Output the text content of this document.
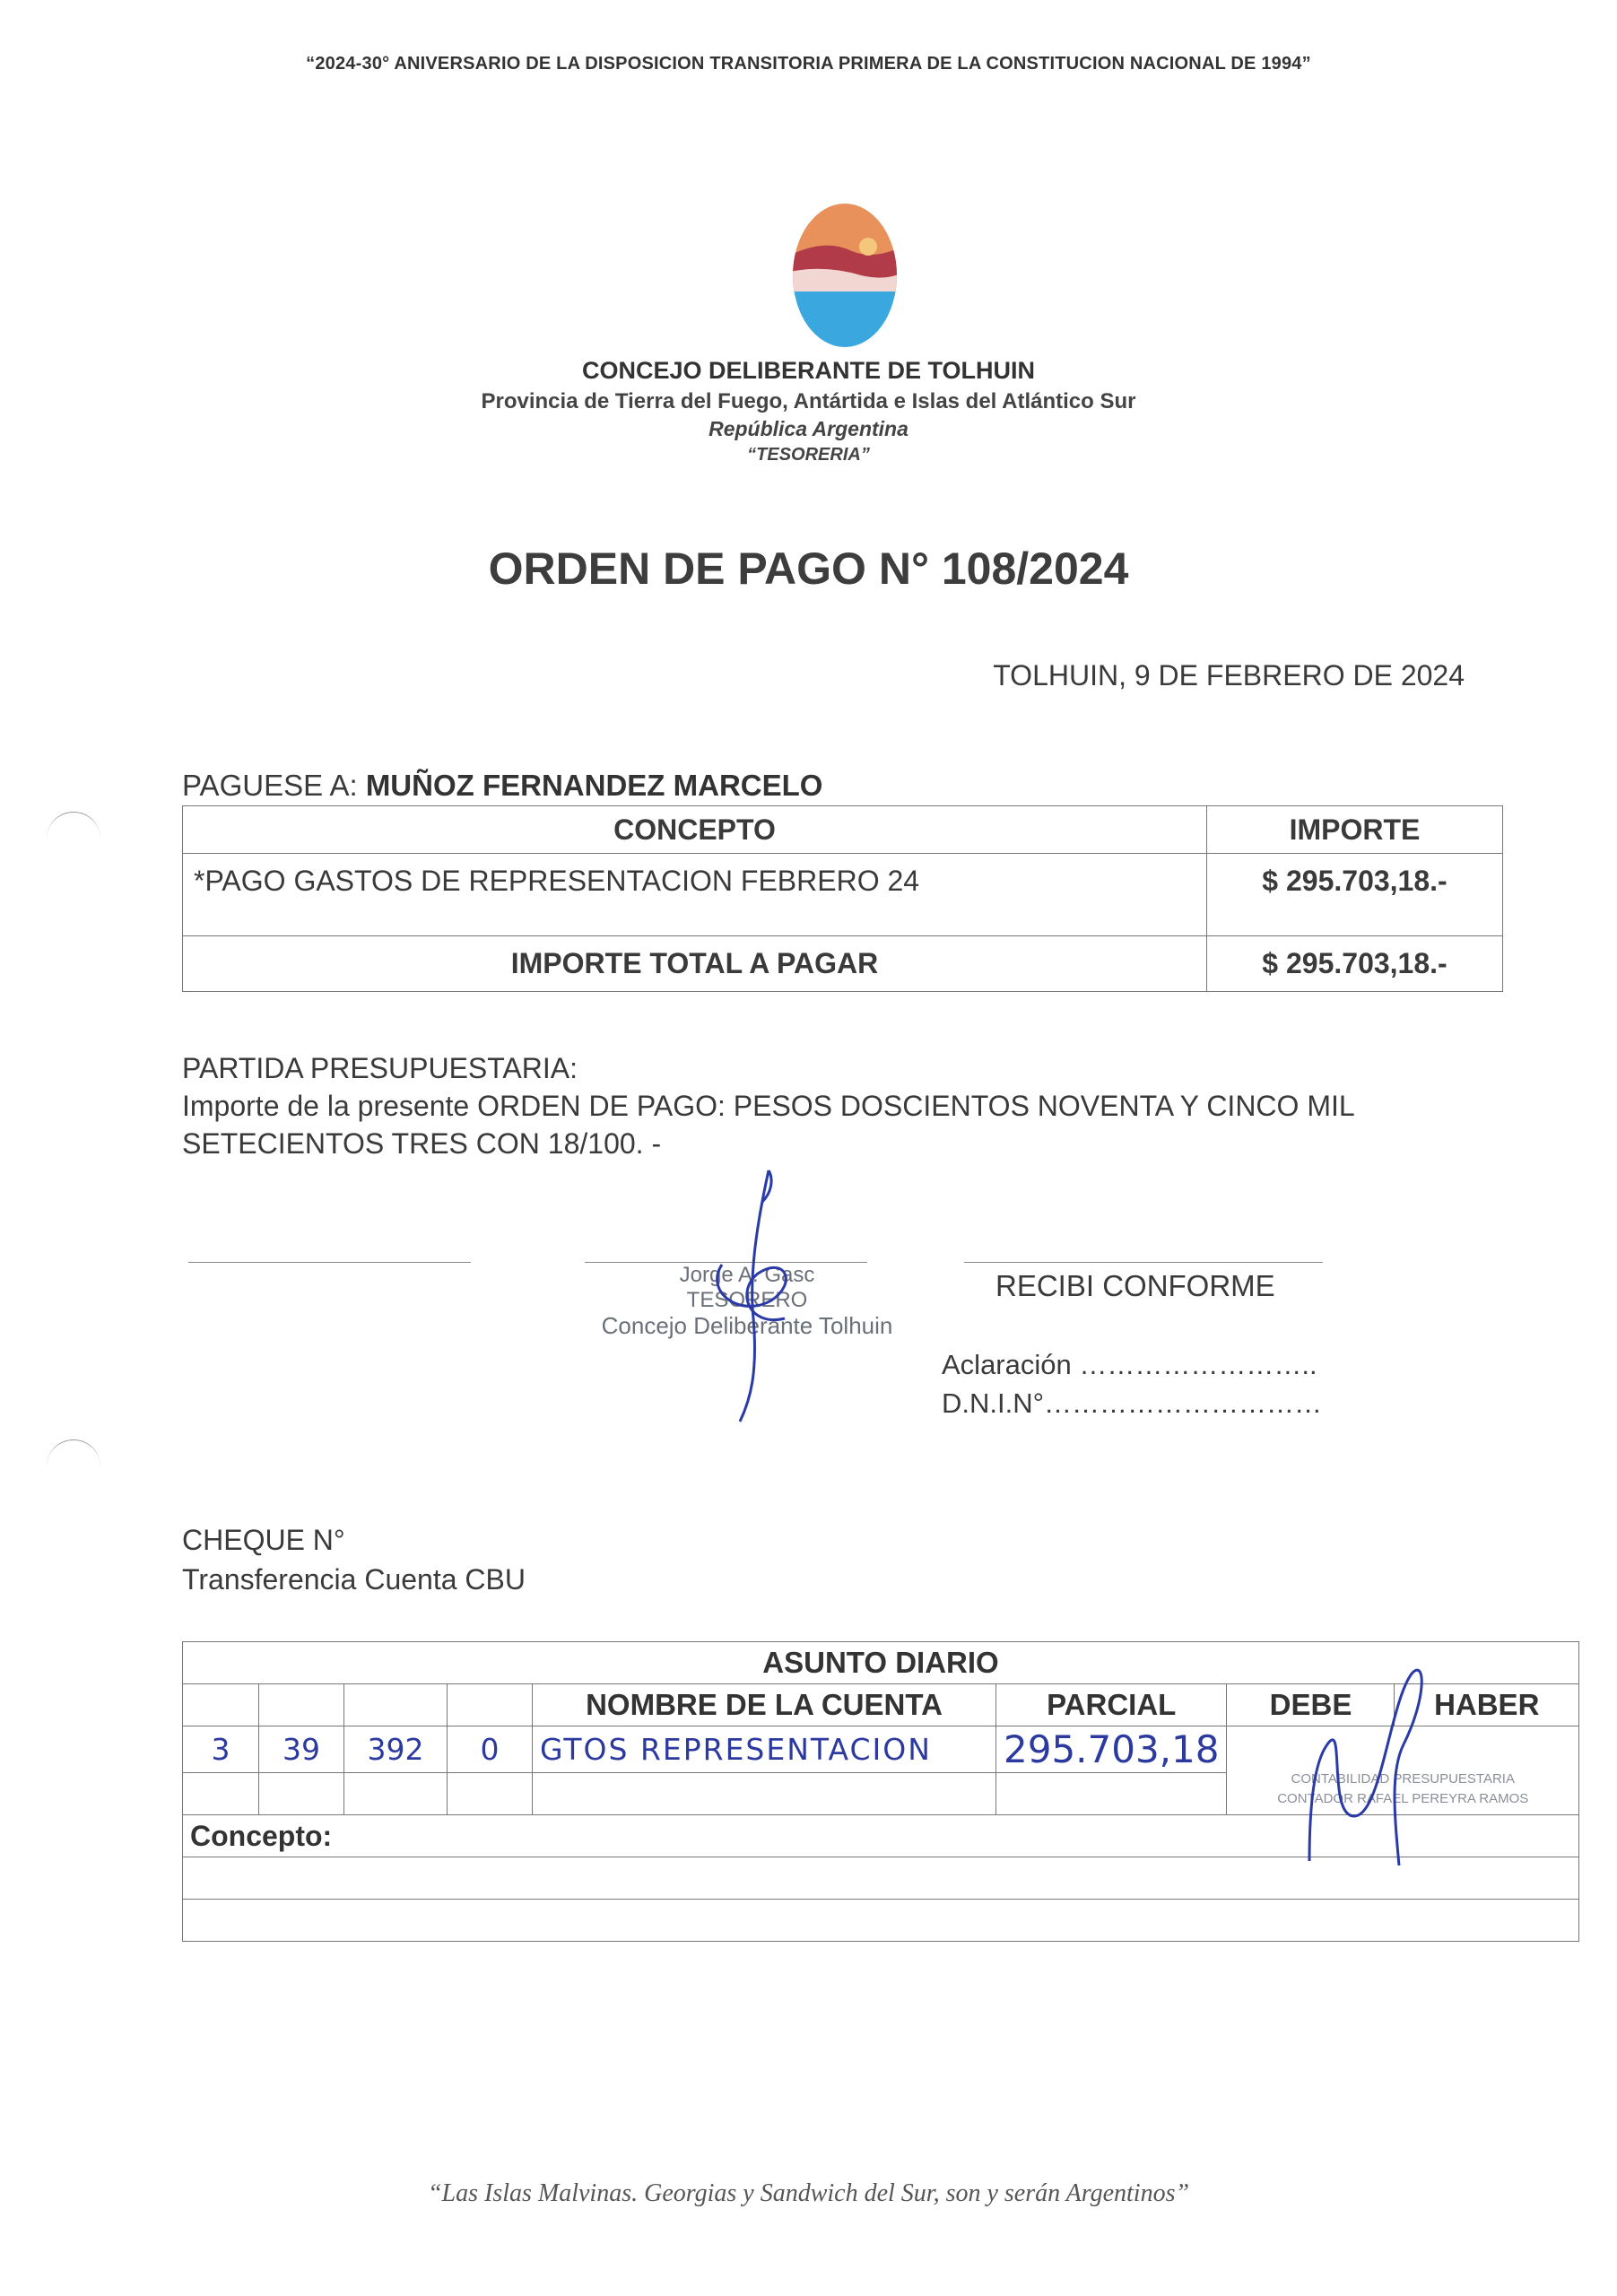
“2024-30° ANIVERSARIO DE LA DISPOSICION TRANSITORIA PRIMERA DE LA CONSTITUCION NACIONAL DE 1994”
CONCEJO DELIBERANTE DE TOLHUIN
Provincia de Tierra del Fuego, Antártida e Islas del Atlántico Sur
República Argentina
“TESORERIA”
ORDEN DE PAGO N° 108/2024
TOLHUIN, 9 DE FEBRERO DE 2024
PAGUESE A: MUÑOZ FERNANDEZ MARCELO
CONCEPTO	IMPORTE
*PAGO GASTOS DE REPRESENTACION FEBRERO 24	$ 295.703,18.-
IMPORTE TOTAL A PAGAR	$ 295.703,18.-
PARTIDA PRESUPUESTARIA:
Importe de la presente ORDEN DE PAGO: PESOS DOSCIENTOS NOVENTA Y CINCO MIL SETECIENTOS TRES CON 18/100. -
Jorge A. Gasc
TESORERO
Concejo Deliberante Tolhuin
RECIBI CONFORME
Aclaración ……………………..
D.N.I.N°…………………………
CHEQUE N°
Transferencia Cuenta CBU
ASUNTO DIARIO							
				NOMBRE DE LA CUENTA	PARCIAL	DEBE	HABER
3	39	392	0	GTOS REPRESENTACION	295.703,18	CONTABILIDAD PRESUPUESTARIA
CONTADOR RAFAEL PEREYRA RAMOS	

Concepto:							

“Las Islas Malvinas. Georgias y Sandwich del Sur, son y serán Argentinos”
